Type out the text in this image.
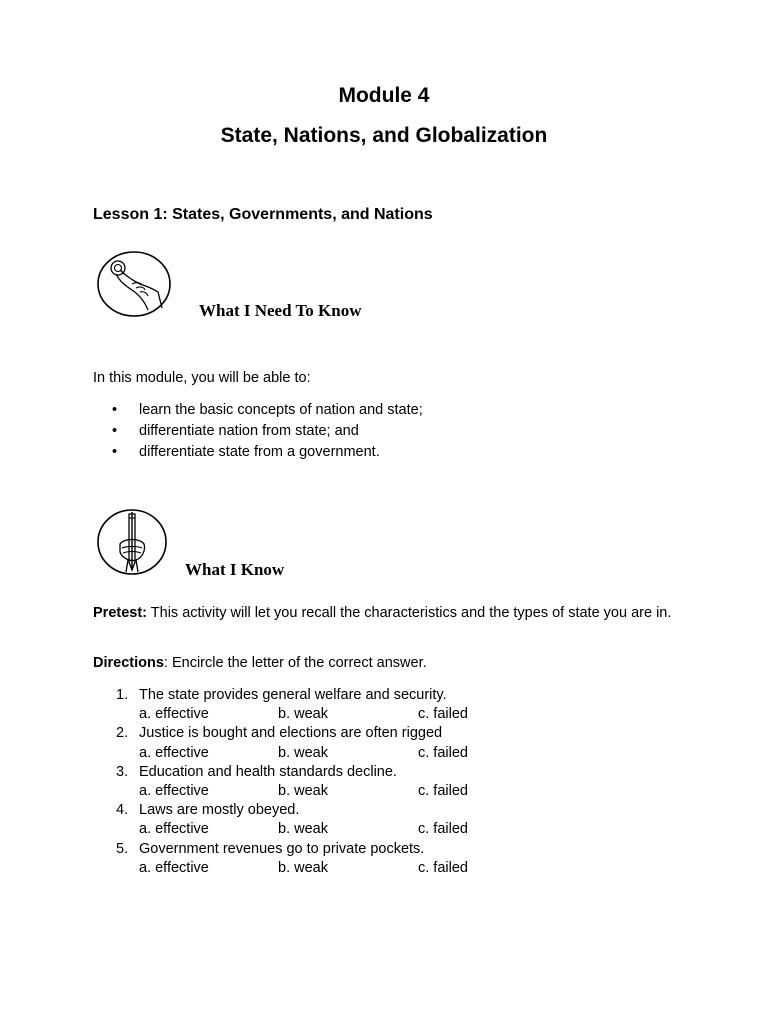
Module 4
State, Nations, and Globalization
Lesson 1: States, Governments, and Nations
What I Need To Know
In this module, you will be able to:
• learn the basic concepts of nation and state;
• differentiate nation from state; and
• differentiate state from a government.
What I Know
Pretest: This activity will let you recall the characteristics and the types of state you are in.
Directions: Encircle the letter of the correct answer.
1. The state provides general welfare and security.
a. effective	b. weak	c. failed
2. Justice is bought and elections are often rigged
a. effective	b. weak	c. failed
3. Education and health standards decline.
a. effective	b. weak	c. failed
4. Laws are mostly obeyed.
a. effective	b. weak	c. failed
5. Government revenues go to private pockets.
a. effective	b. weak	c. failed
